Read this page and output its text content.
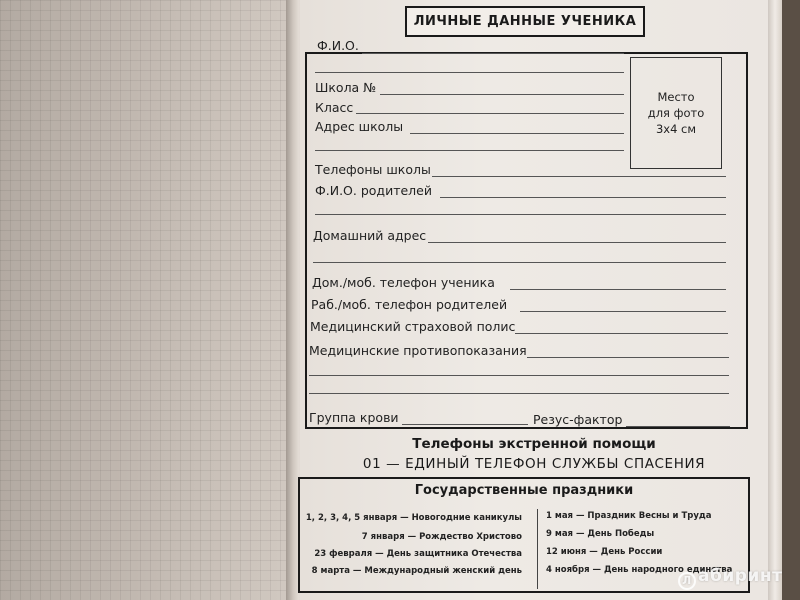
ЛИЧНЫЕ ДАННЫЕ УЧЕНИКА
Ф.И.О.
Школа №
Класс
Адрес школы
Телефоны школы
Ф.И.О. родителей
Домашний адрес
Дом./моб. телефон ученика
Раб./моб. телефон родителей
Медицинский страховой полис
Медицинские противопоказания
Группа крови	Резус-фактор
Место
для фото
3x4 см
Телефоны экстренной помощи
01 — ЕДИНЫЙ ТЕЛЕФОН СЛУЖБЫ СПАСЕНИЯ
Государственные праздники
1, 2, 3, 4, 5 января — Новогодние каникулы
7 января — Рождество Христово
23 февраля — День защитника Отечества
8 марта — Международный женский день
1 мая — Праздник Весны и Труда
9 мая — День Победы
12 июня — День России
4 ноября — День народного единства
Л абиринт
